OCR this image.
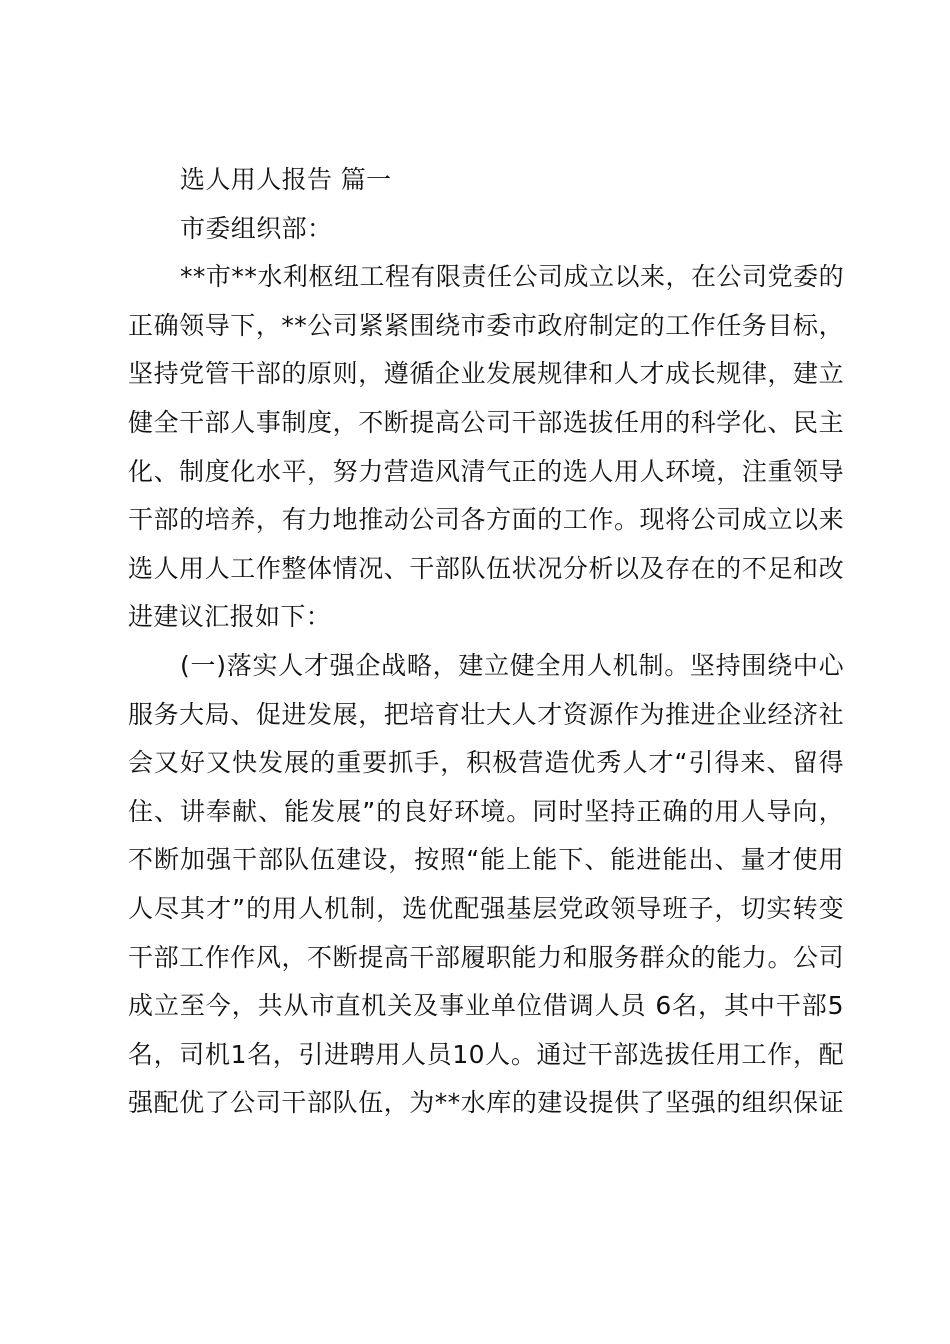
选人用人报告 篇一
市委组织部：
**市**水利枢纽工程有限责任公司成立以来，在公司党委的
正确领导下，**公司紧紧围绕市委市政府制定的工作任务目标，
坚持党管干部的原则，遵循企业发展规律和人才成长规律，建立
健全干部人事制度，不断提高公司干部选拔任用的科学化、民主
化、制度化水平，努力营造风清气正的选人用人环境，注重领导
干部的培养，有力地推动公司各方面的工作。现将公司成立以来
选人用人工作整体情况、干部队伍状况分析以及存在的不足和改
进建议汇报如下：
(一)落实人才强企战略，建立健全用人机制。坚持围绕中心
服务大局、促进发展，把培育壮大人才资源作为推进企业经济社
会又好又快发展的重要抓手，积极营造优秀人才“引得来、留得
住、讲奉献、能发展”的良好环境。同时坚持正确的用人导向，
不断加强干部队伍建设，按照“能上能下、能进能出、量才使用
人尽其才”的用人机制，选优配强基层党政领导班子，切实转变
干部工作作风，不断提高干部履职能力和服务群众的能力。公司
成立至今，共从市直机关及事业单位借调人员 6名，其中干部5
名，司机1名，引进聘用人员10人。通过干部选拔任用工作，配
强配优了公司干部队伍，为**水库的建设提供了坚强的组织保证
